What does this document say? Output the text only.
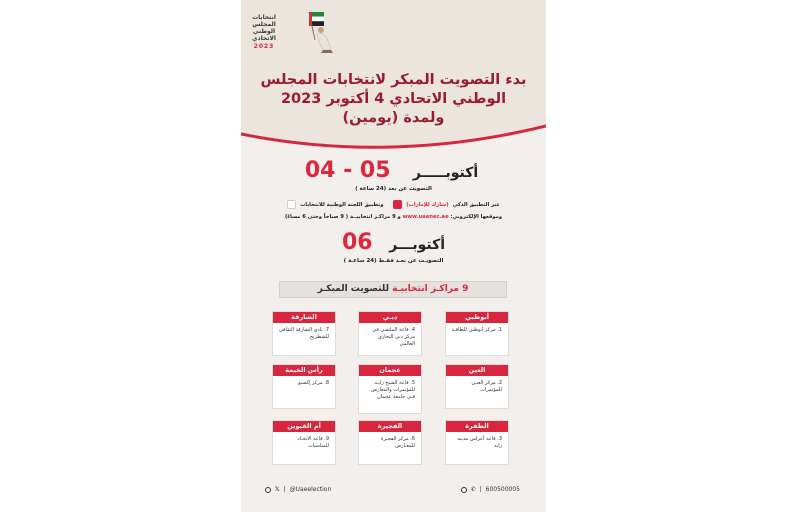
انتخابات
المجلس
الوطني
الاتحادي
2023
بدء التصويت المبكر لانتخابات المجلس
الوطني الاتحادي 4 أكتوبر 2023
ولمدة (يومين)
أكتوبـــــر    04 - 05
التصويت عن بعد (24 ساعة )
عبر التطبيق الذكي
(شارك للإمارات)

وتطبيق اللجنة الوطنية للانتخابات
وموقعها الإلكتروني: www.uaenec.ae و 9 مراكـز انتخابيــة ( 9 صباحاً وحتى 6 مساءً)
أكتوبـــر   06
التصويـت عن بعـد فقـط (24 ساعـة )
9 مراكـز انتخابيـة للتصويت المبكـر
أبوظبي
1. مركز أبوظبي للطاقـة
دبـي
4. قاعة الملتقـى في مركز دبي التجاري العالمي
الشارقة
7. نادي الشارقة الثقافي للشطرنج
العين
2. مركز العيـن للمؤتمرات
عجمان
5. قاعة الشيخ زايـد للمؤتمرات والمعارض فـي جامعة عجمان
رأس الخيمة
8. مركز إكسبو
الظفرة
3. قاعة أعراس مدينة زايد
الفجيرة
6. مركز الفجيرة للمعـارض
أم القيوين
9. قاعة الاتحـاد للمناسبات
𝕏 | @Uaeelection	✆ | 600500005
